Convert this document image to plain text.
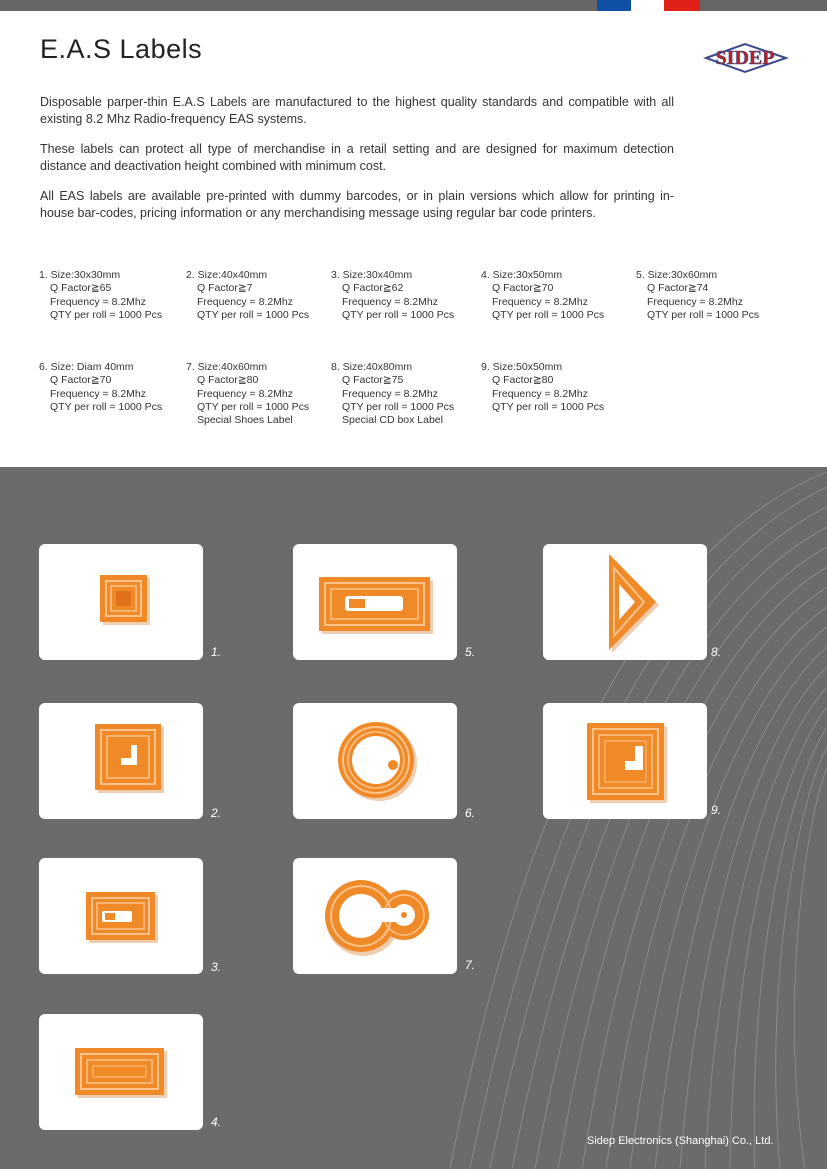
E.A.S Labels	SIDEP

Disposable parper-thin E.A.S Labels are manufactured to the highest quality standards and compatible with all existing 8.2 Mhz Radio-frequency EAS systems.

These labels can protect all type of merchandise in a retail setting and are designed for maximum detection distance and deactivation height combined with minimum cost.

All EAS labels are available pre-printed with dummy barcodes, or in plain versions which allow for printing in-house bar-codes, pricing information or any merchandising message using regular bar code printers.

1. Size:30x30mm
Q Factor≧65
Frequency = 8.2Mhz
QTY per roll = 1000 Pcs
2. Size:40x40mm
Q Factor≧7
Frequency = 8.2Mhz
QTY per roll = 1000 Pcs
3. Size:30x40mm
Q Factor≧62
Frequency = 8.2Mhz
QTY per roll = 1000 Pcs
4. Size:30x50mm
Q Factor≧70
Frequency = 8.2Mhz
QTY per roll = 1000 Pcs
5. Size:30x60mm
Q Factor≧74
Frequency = 8.2Mhz
QTY per roll = 1000 Pcs
6. Size: Diam 40mm
Q Factor≧70
Frequency = 8.2Mhz
QTY per roll = 1000 Pcs
7. Size:40x60mm
Q Factor≧80
Frequency = 8.2Mhz
QTY per roll = 1000 Pcs
Special Shoes Label
8. Size:40x80mm
Q Factor≧75
Frequency = 8.2Mhz
QTY per roll = 1000 Pcs
Special CD box Label
9. Size:50x50mm
Q Factor≧80
Frequency = 8.2Mhz
QTY per roll = 1000 Pcs
1.
2.
3.
4.
5.
6.
7.
8.
9.
Sidep Electronics (Shanghai) Co., Ltd.
